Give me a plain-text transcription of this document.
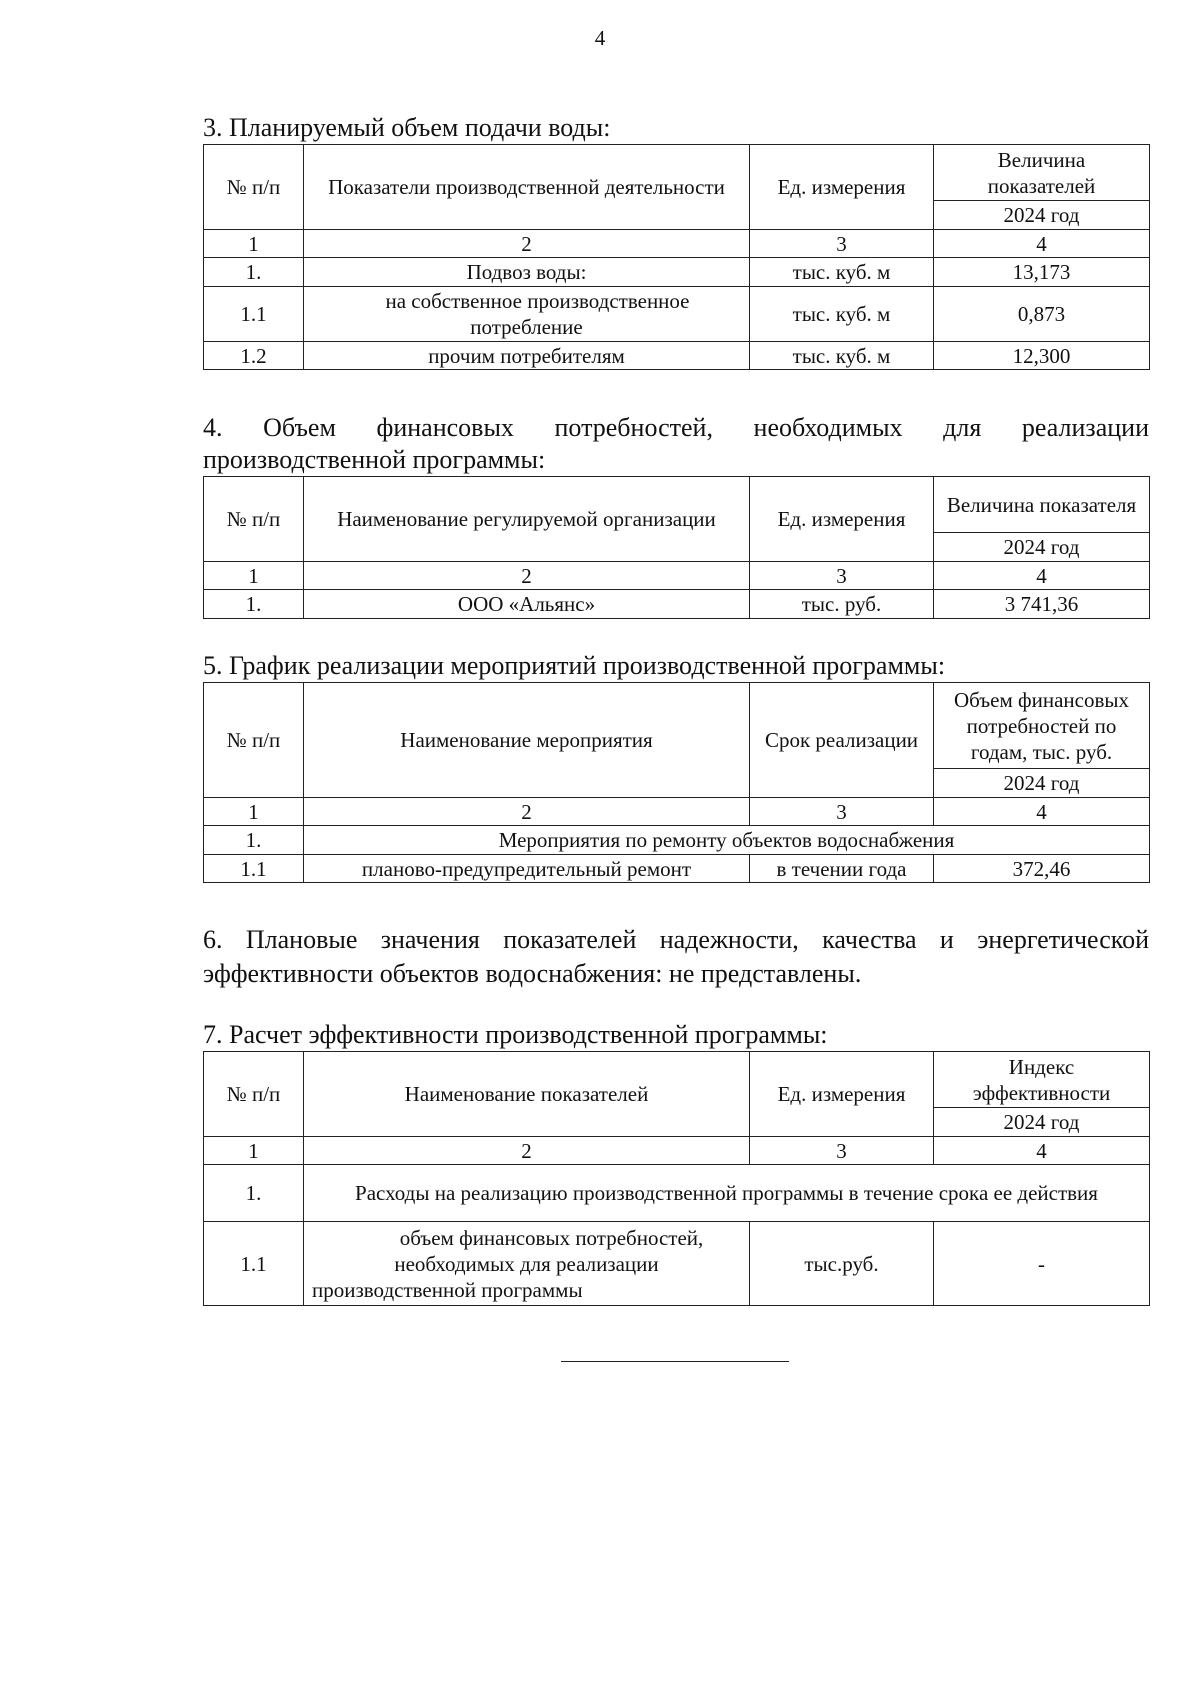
4

3. Планируемый объем подачи воды:

№ п/п	Показатели производственной деятельности	Ед. измерения	Величина показателей
			2024 год
1	2	3	4
1.	Подвоз воды:	тыс. куб. м	13,173
1.1	на собственное производственное потребление	тыс. куб. м	0,873
1.2	прочим потребителям	тыс. куб. м	12,300

4. Объем финансовых потребностей, необходимых для реализации
производственной программы:

№ п/п	Наименование регулируемой организации	Ед. измерения	Величина показателя
			2024 год
1	2	3	4
1.	ООО «Альянс»	тыс. руб.	3 741,36

5. График реализации мероприятий производственной программы:

№ п/п	Наименование мероприятия	Срок реализации	Объем финансовых потребностей по годам, тыс. руб.
			2024 год
1	2	3	4
1.	Мероприятия по ремонту объектов водоснабжения		
1.1	планово-предупредительный ремонт	в течении года	372,46

6. Плановые значения показателей надежности, качества и энергетической
эффективности объектов водоснабжения: не представлены.

7. Расчет эффективности производственной программы:

№ п/п	Наименование показателей	Ед. измерения	Индекс эффективности
			2024 год
1	2	3	4
1.	Расходы на реализацию производственной программы в течение срока ее действия		
1.1	объем финансовых потребностей, необходимых для реализации производственной программы	тыс.руб.	-
